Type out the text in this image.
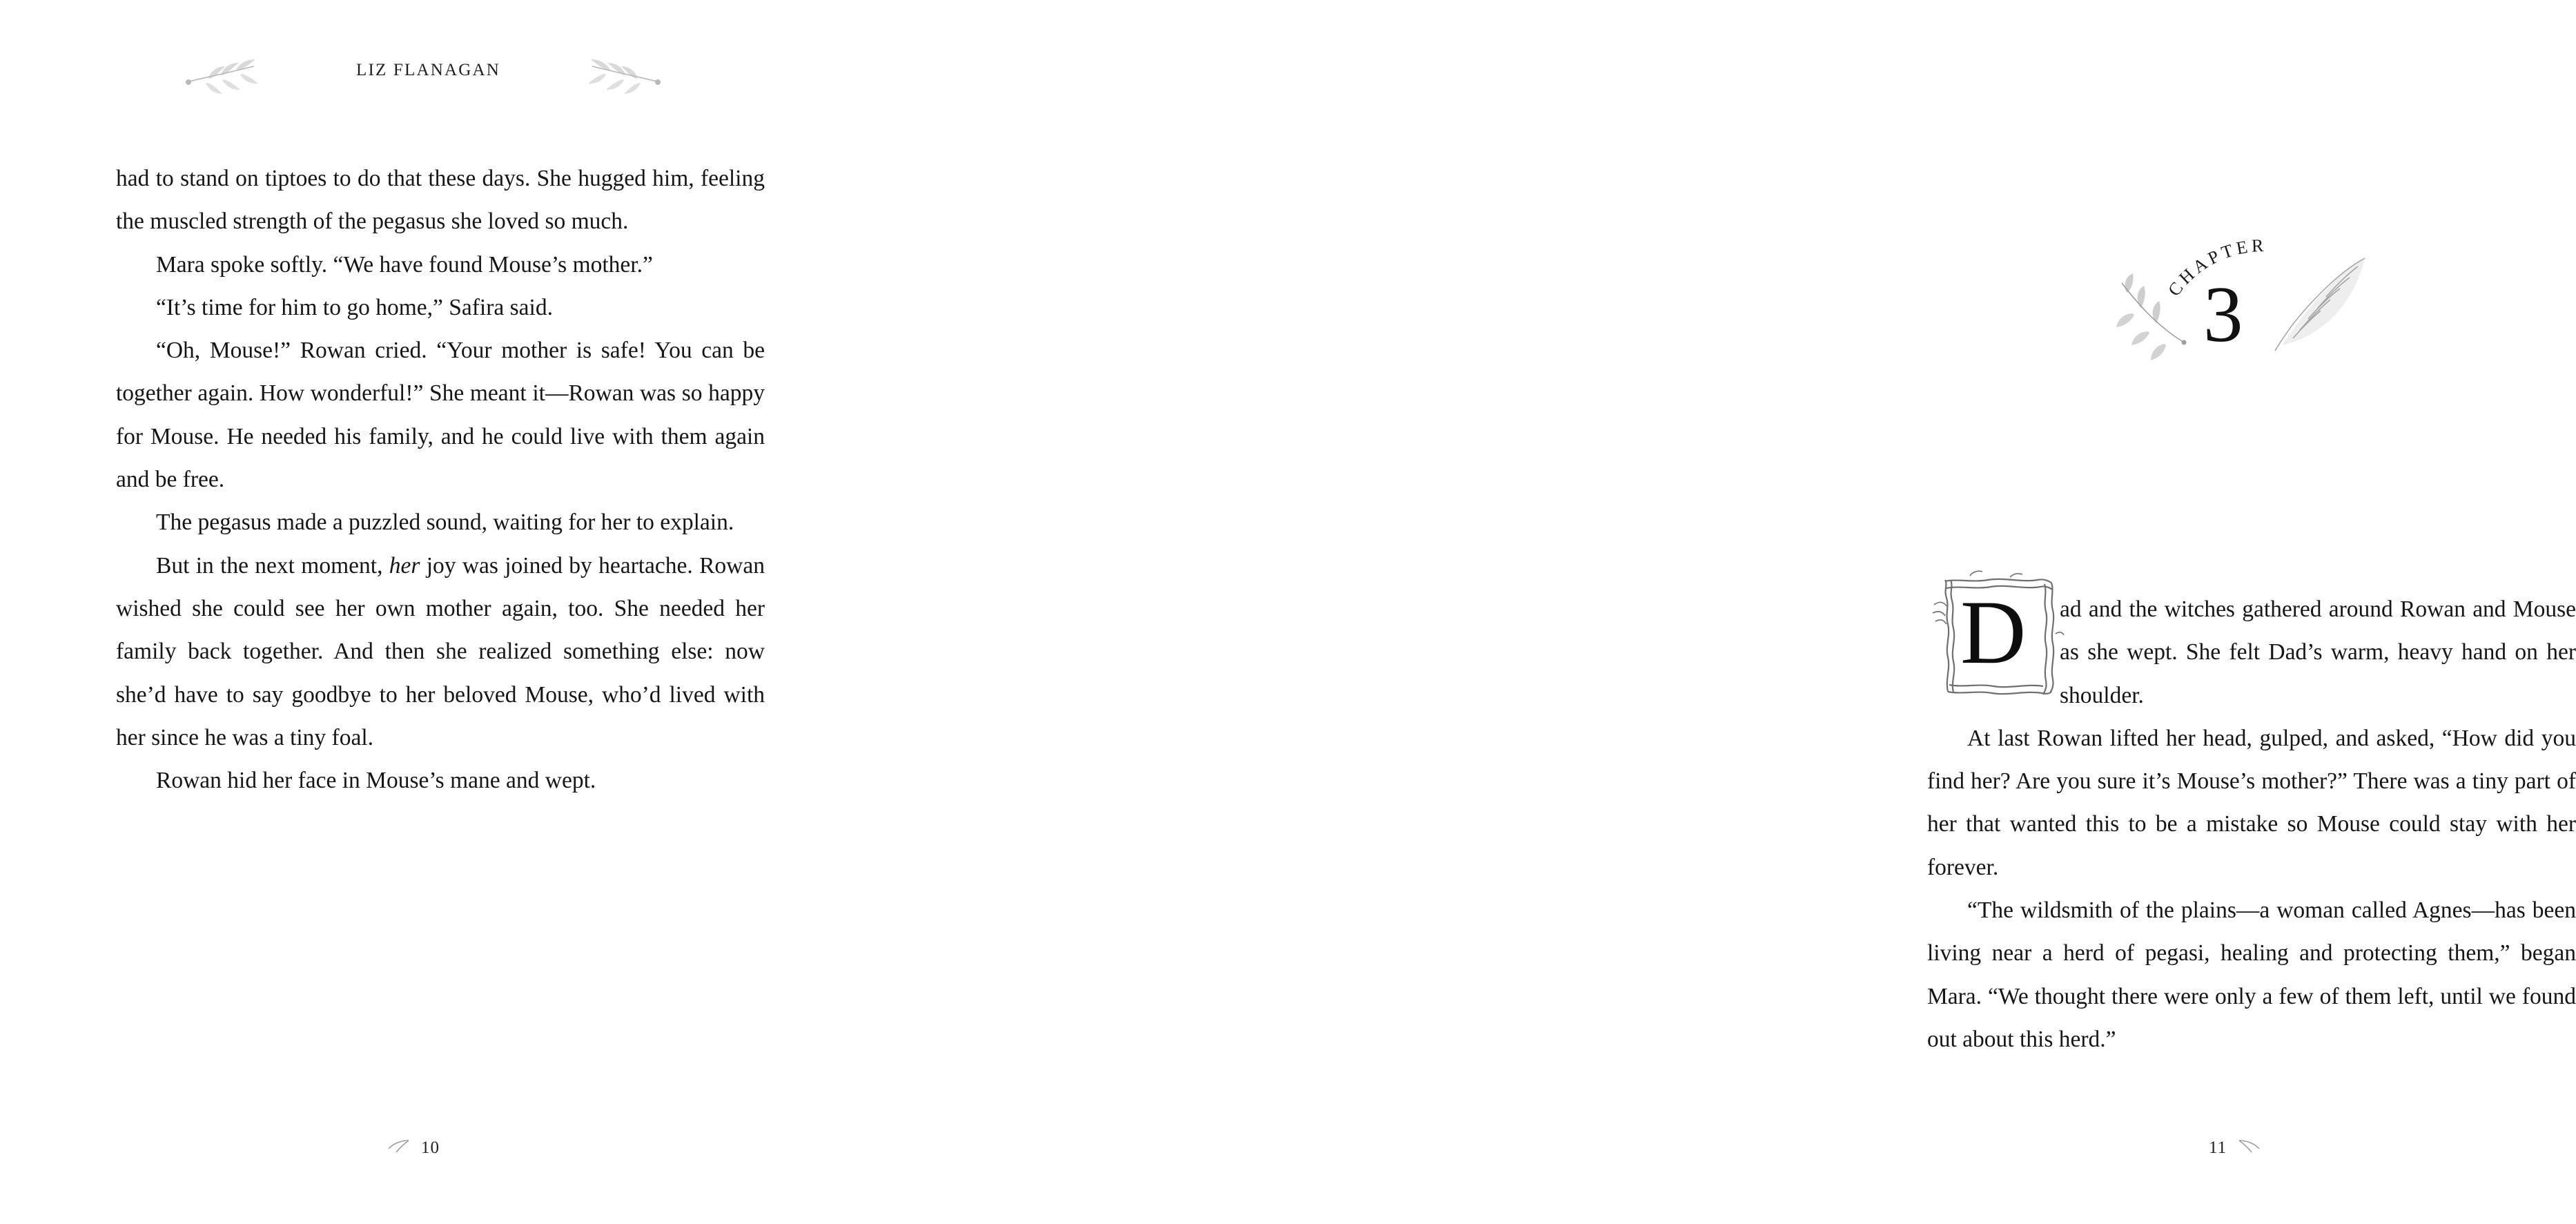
LIZ FLANAGAN

had to stand on tiptoes to do that these days. She hugged him, feeling the muscled strength of the pegasus she loved so much.

Mara spoke softly. “We have found Mouse’s mother.”

“It’s time for him to go home,” Safira said.

“Oh, Mouse!” Rowan cried. “Your mother is safe! You can be together again. How wonderful!” She meant it—Rowan was so happy for Mouse. He needed his family, and he could live with them again and be free.

The pegasus made a puzzled sound, waiting for her to explain.

But in the next moment, her joy was joined by heartache. Rowan wished she could see her own mother again, too. She needed her family back together. And then she realized something else: now she’d have to say goodbye to her beloved Mouse, who’d lived with her since he was a tiny foal.

Rowan hid her face in Mouse’s mane and wept.

10
CHAPTER
3
D	ad and the witches gathered around Rowan and Mouse as she wept. She felt Dad’s warm, heavy hand on her shoulder.

At last Rowan lifted her head, gulped, and asked, “How did you find her? Are you sure it’s Mouse’s mother?” There was a tiny part of her that wanted this to be a mistake so Mouse could stay with her forever.

“The wildsmith of the plains—a woman called Agnes—has been living near a herd of pegasi, healing and protecting them,” began Mara. “We thought there were only a few of them left, until we found out about this herd.”

11
